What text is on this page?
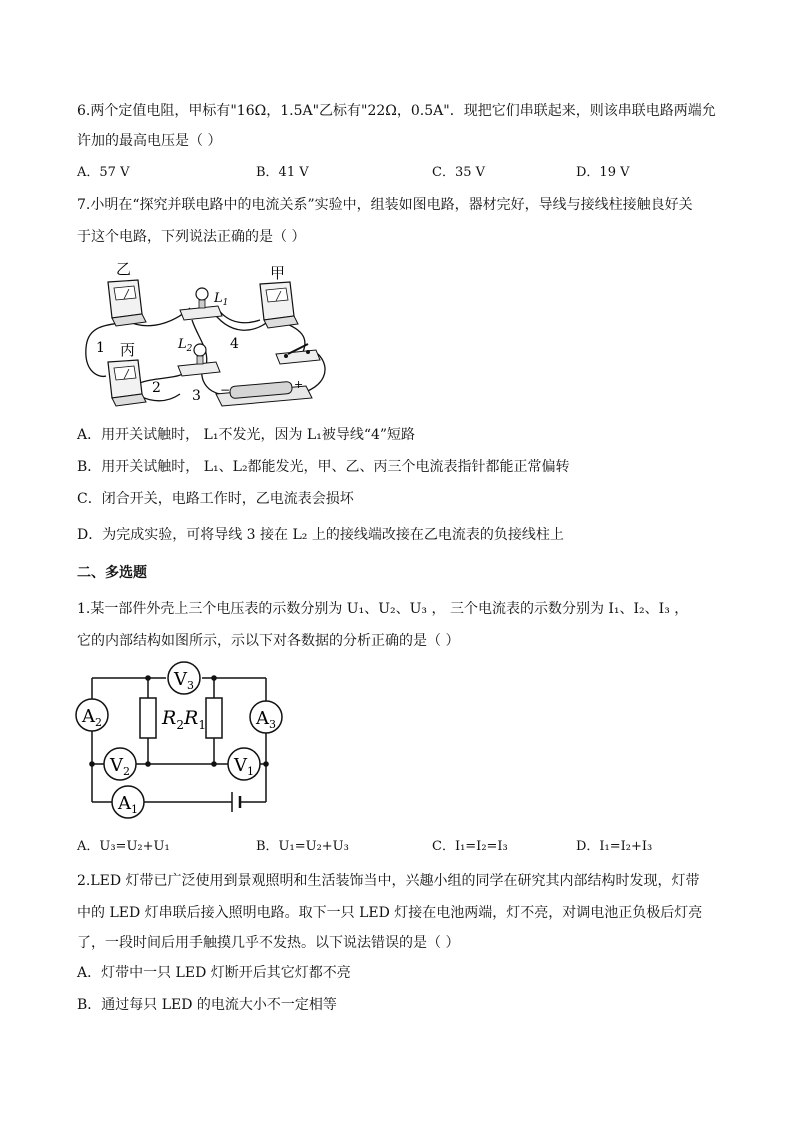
6.两个定值电阻，甲标有"16Ω，1.5A"乙标有"22Ω，0.5A"．现把它们串联起来，则该串联电路两端允
许加的最高电压是（ ）
A．57 V	B．41 V	C．35 V	D．19 V
7.小明在“探究并联电路中的电流关系”实验中，组装如图电路，器材完好，导线与接线柱接触良好关
于这个电路，下列说法正确的是（ ）
乙	甲
丙
$L_1$
$L_2$
1
2 3
4
−	+
A．用开关试触时， L₁不发光，因为 L₁被导线“4”短路
B．用开关试触时， L₁、L₂都能发光，甲、乙、丙三个电流表指针都能正常偏转
C．闭合开关，电路工作时，乙电流表会损坏
D．为完成实验，可将导线 3 接在 L₂ 上的接线端改接在乙电流表的负接线柱上
二、多选题
1.某一部件外壳上三个电压表的示数分别为 U₁、U₂、U₃ ， 三个电流表的示数分别为 I₁、I₂、I₃ ，
它的内部结构如图所示，示以下对各数据的分析正确的是（ ）
$V_3$
$A_2$	$A_3$
$V_2$	$V_1$
$A_1$
$R_2$ $R_1$
A．U₃=U₂+U₁	B．U₁=U₂+U₃	C．I₁=I₂=I₃	D．I₁=I₂+I₃
2.LED 灯带已广泛使用到景观照明和生活装饰当中，兴趣小组的同学在研究其内部结构时发现，灯带
中的 LED 灯串联后接入照明电路。取下一只 LED 灯接在电池两端，灯不亮，对调电池正负极后灯亮
了，一段时间后用手触摸几乎不发热。以下说法错误的是（ ）
A．灯带中一只 LED 灯断开后其它灯都不亮
B．通过每只 LED 的电流大小不一定相等
